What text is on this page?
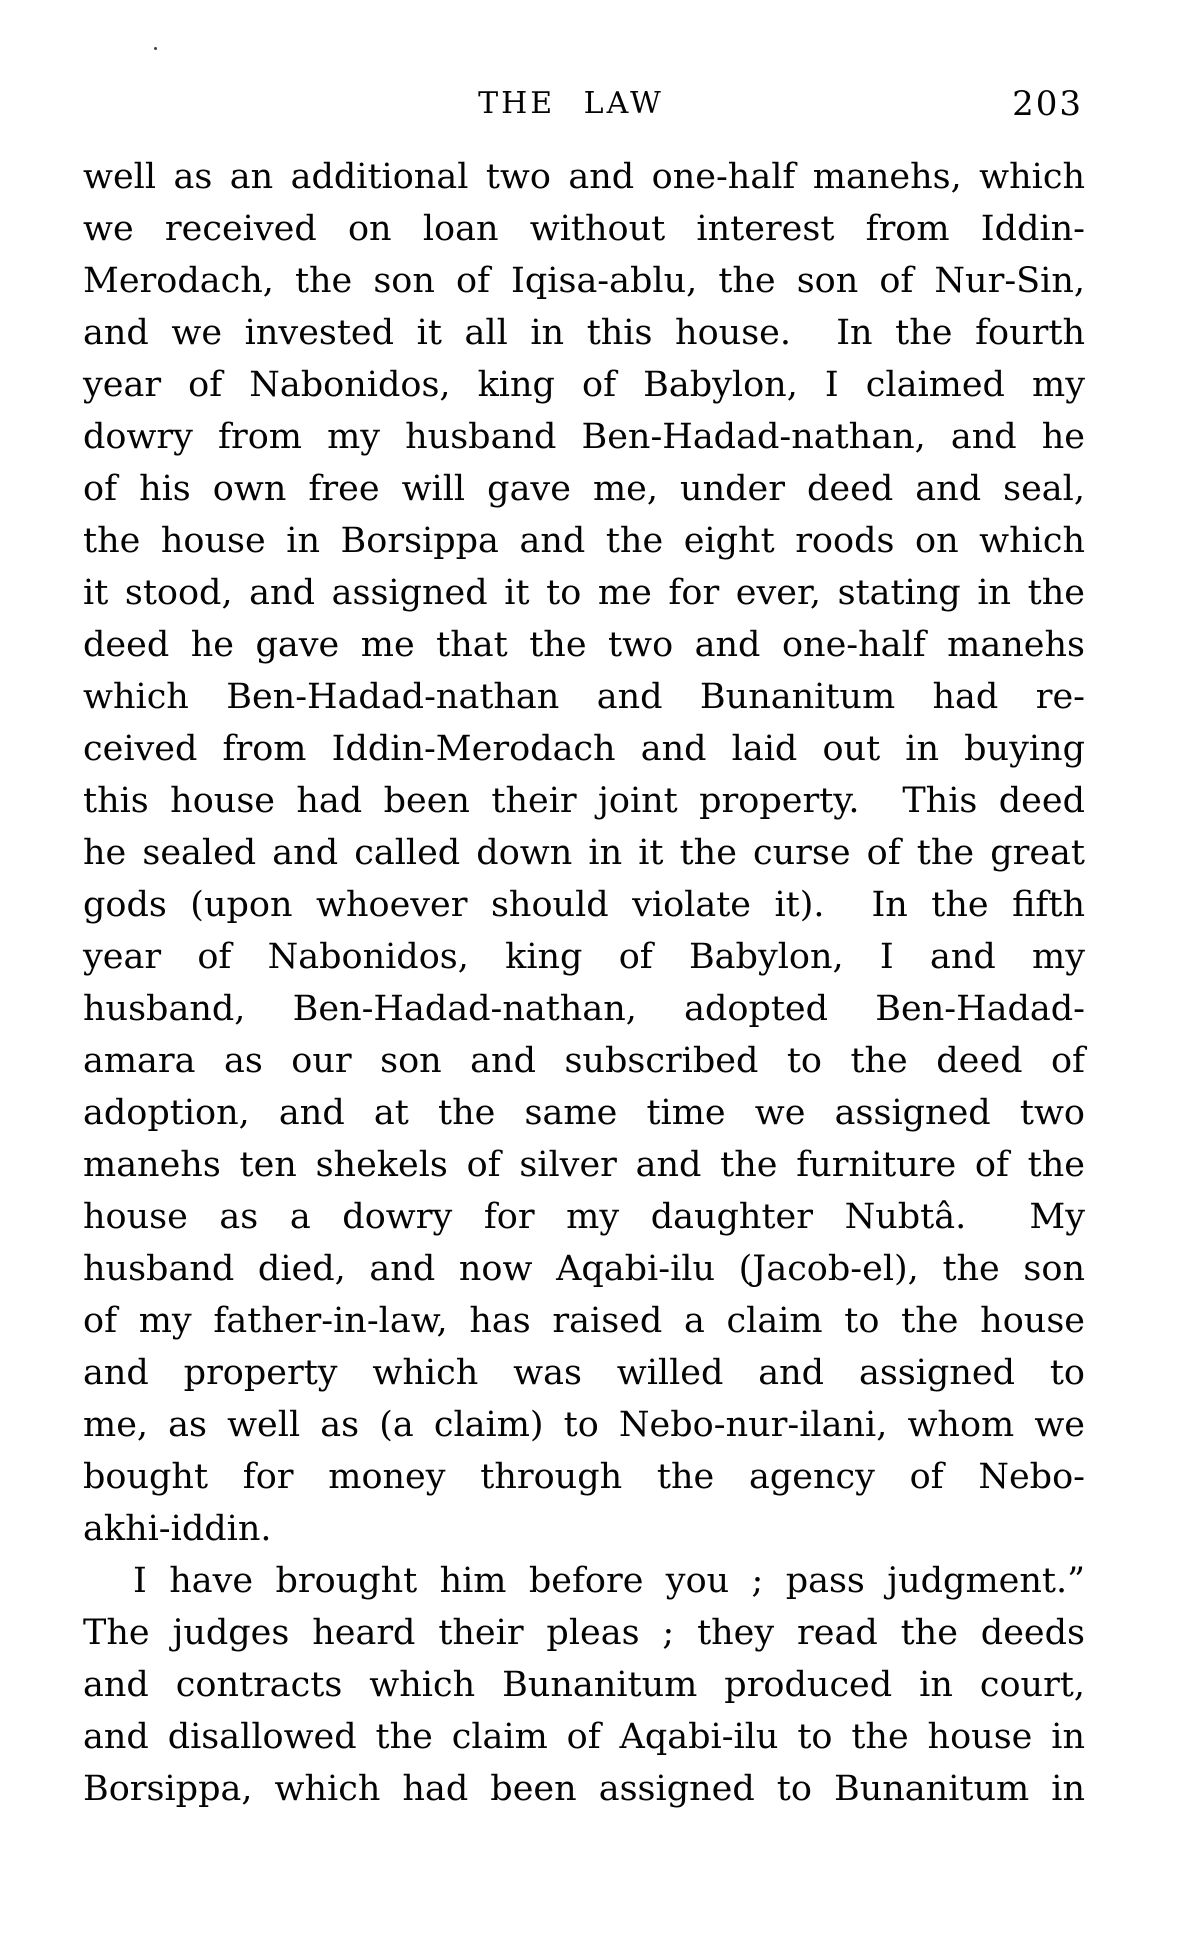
THE LAW	203
well as an additional two and one-half manehs, which
we received on loan without interest from Iddin-
Merodach, the son of Iqisa-ablu, the son of Nur-Sin,
and we invested it all in this house.  In the fourth
year of Nabonidos, king of Babylon, I claimed my
dowry from my husband Ben-Hadad-nathan, and he
of his own free will gave me, under deed and seal,
the house in Borsippa and the eight roods on which
it stood, and assigned it to me for ever, stating in the
deed he gave me that the two and one-half manehs
which Ben-Hadad-nathan and Bunanitum had re-
ceived from Iddin-Merodach and laid out in buying
this house had been their joint property.  This deed
he sealed and called down in it the curse of the great
gods (upon whoever should violate it).  In the fifth
year of Nabonidos, king of Babylon, I and my
husband, Ben-Hadad-nathan, adopted Ben-Hadad-
amara as our son and subscribed to the deed of
adoption, and at the same time we assigned two
manehs ten shekels of silver and the furniture of the
house as a dowry for my daughter Nubtâ.  My
husband died, and now Aqabi-ilu (Jacob-el), the son
of my father-in-law, has raised a claim to the house
and property which was willed and assigned to
me, as well as (a claim) to Nebo-nur-ilani, whom we
bought for money through the agency of Nebo-
akhi-iddin.
I have brought him before you ; pass judgment.”
The judges heard their pleas ; they read the deeds
and contracts which Bunanitum produced in court,
and disallowed the claim of Aqabi-ilu to the house in
Borsippa, which had been assigned to Bunanitum in
